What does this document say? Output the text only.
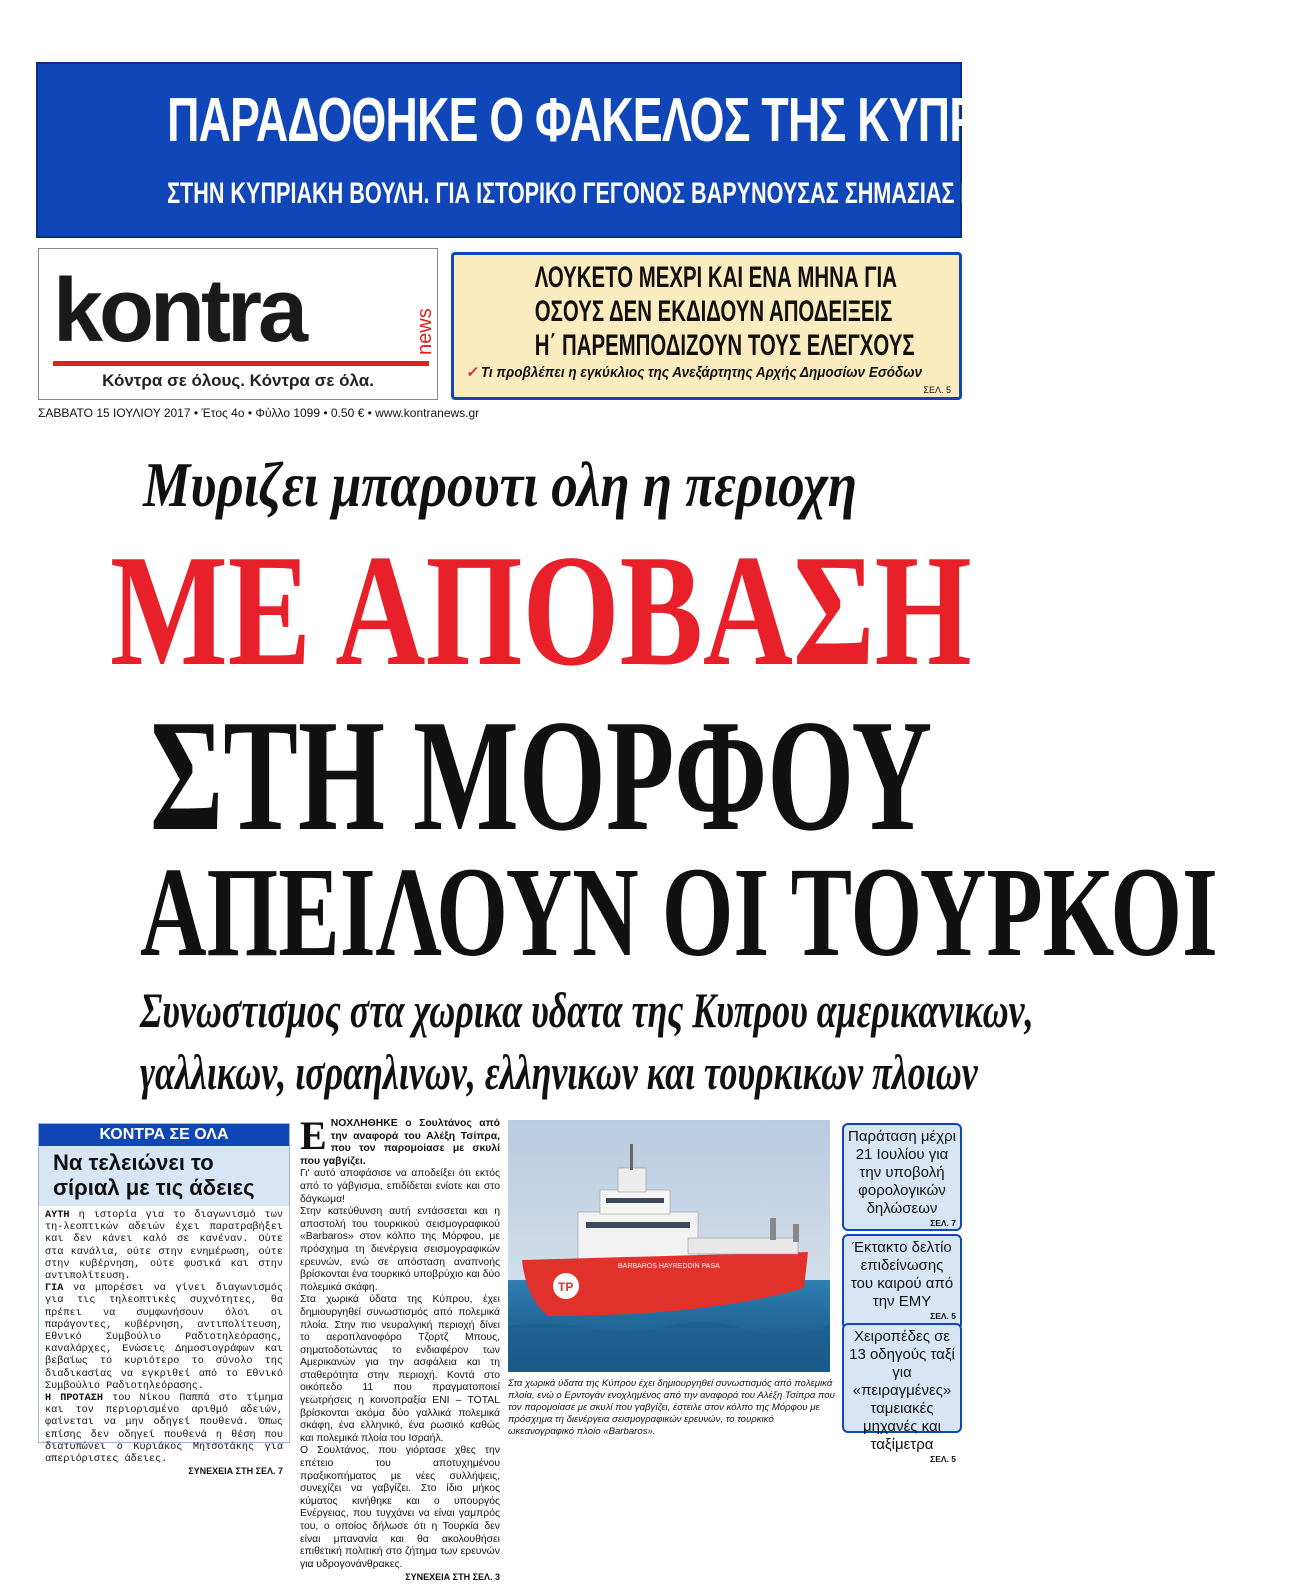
ΠΑΡΑΔΟΘΗΚΕ Ο ΦΑΚΕΛΟΣ ΤΗΣ ΚΥΠΡΟΥ
ΣΤΗΝ ΚΥΠΡΙΑΚΗ ΒΟΥΛΗ. ΓΙΑ ΙΣΤΟΡΙΚΟ ΓΕΓΟΝΟΣ ΒΑΡΥΝΟΥΣΑΣ ΣΗΜΑΣΙΑΣ ΕΚΑΝΕ ΛΟΓΟ Ο ΝΙΚΟΣ ΒΟΥΤΣΗΣ
kontra	news
Κόντρα σε όλους. Κόντρα σε όλα.
ΛΟΥΚΕΤΟ ΜΕΧΡΙ ΚΑΙ ΕΝΑ ΜΗΝΑ ΓΙΑ
ΟΣΟΥΣ ΔΕΝ ΕΚΔΙΔΟΥΝ ΑΠΟΔΕΙΞΕΙΣ
Η΄ ΠΑΡΕΜΠΟΔΙΖΟΥΝ ΤΟΥΣ ΕΛΕΓΧΟΥΣ
✓ Τι προβλέπει η εγκύκλιος της Ανεξάρτητης Αρχής Δημοσίων Εσόδων
ΣΕΛ. 5
ΣΑΒΒΑΤΟ 15 ΙΟΥΛΙΟΥ 2017 • Έτος 4ο • Φύλλο 1099 • 0.50 € • www.kontranews.gr
Μυριζει μπαρουτι ολη η περιοχη
ΜΕ ΑΠΟΒΑΣΗ
ΣΤΗ ΜΟΡΦΟΥ
ΑΠΕΙΛΟΥΝ ΟΙ ΤΟΥΡΚΟΙ
Συνωστισμος στα χωρικα υδατα της Κυπρου αμερικανικων,
γαλλικων, ισραηλινων, ελληνικων και τουρκικων πλοιων
ΚΟΝΤΡΑ ΣΕ ΟΛΑ
Να τελειώνει το σίριαλ με τις άδειες

ΑΥΤΗ η ιστορία για το διαγωνισμό των τη-λεοπτικών αδειών έχει παρατραβήξει και δεν κάνει καλό σε κανέναν. Ούτε στα κανάλια, ούτε στην ενημέρωση, ούτε στην κυβέρνηση, ούτε φυσικά και στην αντιπολίτευση.

ΓΙΑ να μπορέσει να γίνει διαγωνισμός για τις τηλεοπτικές συχνότητες, θα πρέπει να συμφωνήσουν όλοι οι παράγοντες, κυβέρνηση, αντιπολίτευση, Εθνικό Συμβούλιο Ραδιοτηλεόρασης, καναλάρχες, Ενώσεις Δημοσιογράφων και βεβαίως το κυριότερο το σύνολο της διαδικασίας να εγκριθεί από το Εθνικό Συμβούλιο Ραδιοτηλεόρασης.

Η ΠΡΟΤΑΣΗ του Νίκου Παππά στο τίμημα και τον περιορισμένο αριθμό αδειών, φαίνεται να μην οδηγεί πουθενά. Όπως επίσης δεν οδηγεί πουθενά η θέση που διατυπώνει ο Κυριάκος Μητσοτάκης για απεριόριστες άδειες.

ΣΥΝΕΧΕΙΑ ΣΤΗ ΣΕΛ. 7
Ε ΝΟΧΛΗΘΗΚΕ ο Σουλτάνος από την αναφορά του Αλέξη Τσίπρα, που τον παρομοίασε με σκυλί που γαβγίζει.

Γι' αυτό αποφάσισε να αποδείξει ότι εκτός από το γάβγισμα, επιδίδεται ενίοτε και στο δάγκωμα!

Στην κατεύθυνση αυτή εντάσσεται και η αποστολή του τουρκικού σεισμογραφικού «Barbaros» στον κόλπο της Μόρφου, με πρόσχημα τη διενέργεια σεισμογραφικών ερευνών, ενώ σε απόσταση αναπνοής βρίσκονται ένα τουρκικό υποβρύχιο και δύο πολεμικά σκάφη.

Στα χωρικά ύδατα της Κύπρου, έχει δημιουργηθεί συνωστισμός από πολεμικά πλοία. Στην πιο νευραλγική περιοχή δίνει το αεροπλανοφόρο Τζορτζ Μπους, σηματοδοτώντας το ενδιαφέρον των Αμερικανών για την ασφάλεια και τη σταθερότητα στην περιοχή. Κοντά στο οικόπεδο 11 που πραγματοποιεί γεωτρήσεις η κοινοπραξία ENI – TOTAL βρίσκονται ακόμα δύο γαλλικά πολεμικά σκάφη, ένα ελληνικό, ένα ρωσικό καθώς και πολεμικά πλοία του Ισραήλ.

Ο Σουλτάνος, που γιόρτασε χθες την επέτειο του αποτυχημένου πραξικοπήματος με νέες συλλήψεις, συνεχίζει να γαβγίζει. Στο ίδιο μήκος κύματος κινήθηκε και ο υπουργός Ενέργειας, που τυγχάνει να είναι γαμπρός του, ο οποίος δήλωσε ότι η Τουρκία δεν είναι μπανανία και θα ακολουθήσει επιθετική πολιτική στο ζήτημα των ερευνών για υδρογονάνθρακες.

ΣΥΝΕΧΕΙΑ ΣΤΗ ΣΕΛ. 3
TP
BARBAROS HAYREDDIN PASA
Στα χωρικά ύδατα της Κύπρου έχει δημιουργηθεί συνωστισμός από πολεμικά πλοία, ενώ ο Ερντογάν ενοχλημένος από την αναφορά του Αλέξη Τσίπρα που τον παρομοίασε με σκυλί που γαβγίζει, έστειλε στον κόλπο της Μόρφου με πρόσχημα τη διενέργεια σεισμογραφικών ερευνών, το τουρκικό ωκεανογραφικό πλοίο «Barbaros».
Παράταση μέχρι 21 Ιουλίου για την υποβολή φορολογικών δηλώσεων
ΣΕΛ. 7
Έκτακτο δελτίο επιδείνωσης του καιρού από την ΕΜΥ
ΣΕΛ. 5
Χειροπέδες σε 13 οδηγούς ταξί για «πειραγμένες» ταμειακές μηχανές και ταξίμετρα
ΣΕΛ. 5
